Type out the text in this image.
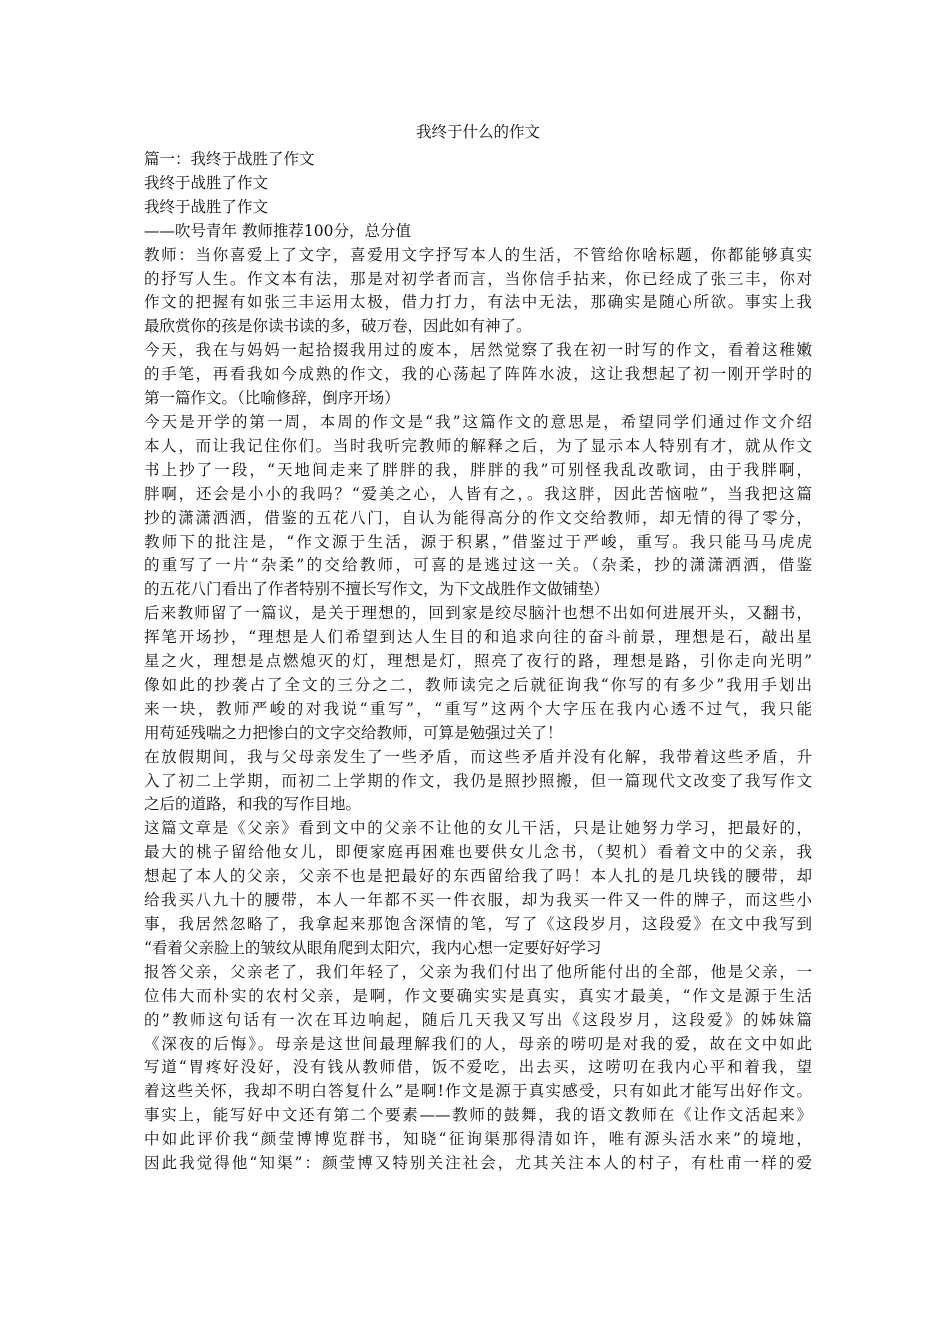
我终于什么的作文
篇一：我终于战胜了作文
我终于战胜了作文
我终于战胜了作文
——吹号青年 教师推荐100分，总分值
教师：当你喜爱上了文字，喜爱用文字抒写本人的生活，不管给你啥标题，你都能够真实
的抒写人生。作文本有法，那是对初学者而言，当你信手拈来，你已经成了张三丰，你对
作文的把握有如张三丰运用太极，借力打力，有法中无法，那确实是随心所欲。事实上我
最欣赏你的孩是你读书读的多，破万卷，因此如有神了。
今天，我在与妈妈一起拾掇我用过的废本，居然觉察了我在初一时写的作文，看着这稚嫩
的手笔，再看我如今成熟的作文，我的心荡起了阵阵水波，这让我想起了初一刚开学时的
第一篇作文。（比喻修辞，倒序开场）
今天是开学的第一周，本周的作文是“我”这篇作文的意思是，希望同学们通过作文介绍
本人，而让我记住你们。当时我听完教师的解释之后，为了显示本人特别有才，就从作文
书上抄了一段，“天地间走来了胖胖的我，胖胖的我”可别怪我乱改歌词，由于我胖啊，
胖啊，还会是小小的我吗？“爱美之心，人皆有之，。我这胖，因此苦恼啦”，当我把这篇
抄的潇潇洒洒，借鉴的五花八门，自认为能得高分的作文交给教师，却无情的得了零分，
教师下的批注是，“作文源于生活，源于积累，”借鉴过于严峻，重写。我只能马马虎虎
的重写了一片“杂柔”的交给教师，可喜的是逃过这一关。（杂柔，抄的潇潇洒洒，借鉴
的五花八门看出了作者特别不擅长写作文，为下文战胜作文做铺垫）
后来教师留了一篇议，是关于理想的，回到家是绞尽脑汁也想不出如何进展开头，又翻书，
挥笔开场抄，“理想是人们希望到达人生目的和追求向往的奋斗前景，理想是石，敲出星
星之火，理想是点燃熄灭的灯，理想是灯，照亮了夜行的路，理想是路，引你走向光明”
像如此的抄袭占了全文的三分之二，教师读完之后就征询我“你写的有多少”我用手划出
来一块，教师严峻的对我说“重写”，“重写”这两个大字压在我内心透不过气，我只能
用苟延残喘之力把惨白的文字交给教师，可算是勉强过关了！
在放假期间，我与父母亲发生了一些矛盾，而这些矛盾并没有化解，我带着这些矛盾，升
入了初二上学期，而初二上学期的作文，我仍是照抄照搬，但一篇现代文改变了我写作文
之后的道路，和我的写作目地。
这篇文章是《父亲》看到文中的父亲不让他的女儿干活，只是让她努力学习，把最好的，
最大的桃子留给他女儿，即便家庭再困难也要供女儿念书，（契机）看着文中的父亲，我
想起了本人的父亲，父亲不也是把最好的东西留给我了吗！本人扎的是几块钱的腰带，却
给我买八九十的腰带，本人一年都不买一件衣服，却为我买一件又一件的牌子，而这些小
事，我居然忽略了，我拿起来那饱含深情的笔，写了《这段岁月，这段爱》在文中我写到
“看着父亲脸上的皱纹从眼角爬到太阳穴，我内心想一定要好好学习
报答父亲，父亲老了，我们年轻了，父亲为我们付出了他所能付出的全部，他是父亲，一
位伟大而朴实的农村父亲，是啊，作文要确实实是真实，真实才最美，“作文是源于生活
的”教师这句话有一次在耳边响起，随后几天我又写出《这段岁月，这段爱》的姊妹篇
《深夜的后悔》。母亲是这世间最理解我们的人，母亲的唠叨是对我的爱，故在文中如此
写道“胃疼好没好，没有钱从教师借，饭不爱吃，出去买，这唠叨在我内心平和着我，望
着这些关怀，我却不明白答复什么”是啊!作文是源于真实感受，只有如此才能写出好作文。
事实上，能写好中文还有第二个要素——教师的鼓舞，我的语文教师在《让作文活起来》
中如此评价我“颜莹博博览群书，知晓“征询渠那得清如许，唯有源头活水来”的境地，
因此我觉得他“知渠”：颜莹博又特别关注社会，尤其关注本人的村子，有杜甫一样的爱
